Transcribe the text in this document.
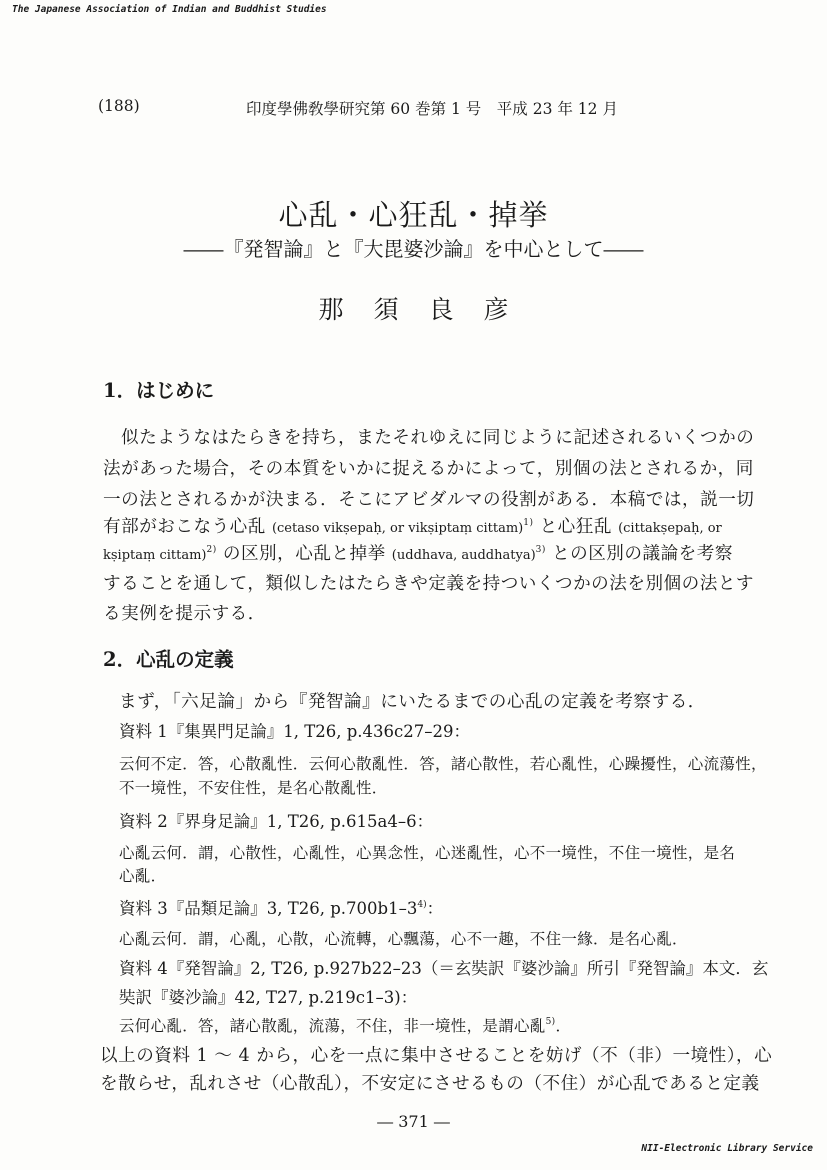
The Japanese Association of Indian and Buddhist Studies
NII-Electronic Library Service
(188)	印度學佛敎學研究第 60 巻第 1 号　平成 23 年 12 月
心乱・心狂乱・掉挙
――『発智論』と『大毘婆沙論』を中心として――
那須良彦
1．はじめに
似たようなはたらきを持ち，またそれゆえに同じように記述されるいくつかの
法があった場合，その本質をいかに捉えるかによって，別個の法とされるか，同
一の法とされるかが決まる．そこにアビダルマの役割がある．本稿では，説一切
有部がおこなう心乱 (cetaso vikṣepaḥ, or vikṣiptaṃ cittam)$^{1)}$ と心狂乱 (cittakṣepaḥ, or
kṣiptaṃ cittam)$^{2)}$ の区別，心乱と掉挙 (uddhava, auddhatya)$^{3)}$ との区別の議論を考察
することを通して，類似したはたらきや定義を持ついくつかの法を別個の法とす
る実例を提示する．
2．心乱の定義
まず，「六足論」から『発智論』にいたるまでの心乱の定義を考察する．
資料 1『集異門足論』1, T26, p.436c27–29：
云何不定．答，心散亂性．云何心散亂性．答，諸心散性，若心亂性，心躁擾性，心流蕩性，
不一境性，不安住性，是名心散亂性．
資料 2『界身足論』1, T26, p.615a4–6：
心亂云何．謂，心散性，心亂性，心異念性，心迷亂性，心不一境性，不住一境性，是名
心亂．
資料 3『品類足論』3, T26, p.700b1–3$^{4)}$：
心亂云何．謂，心亂，心散，心流轉，心飄蕩，心不一趣，不住一緣．是名心亂．
資料 4『発智論』2, T26, p.927b22–23（＝玄奘訳『婆沙論』所引『発智論』本文．玄
奘訳『婆沙論』42, T27, p.219c1–3)：
云何心亂．答，諸心散亂，流蕩，不住，非一境性，是謂心亂$^{5)}$．
以上の資料 1 ～ 4 から，心を一点に集中させることを妨げ（不（非）一境性），心
を散らせ，乱れさせ（心散乱），不安定にさせるもの（不住）が心乱であると定義
― 371 ―
